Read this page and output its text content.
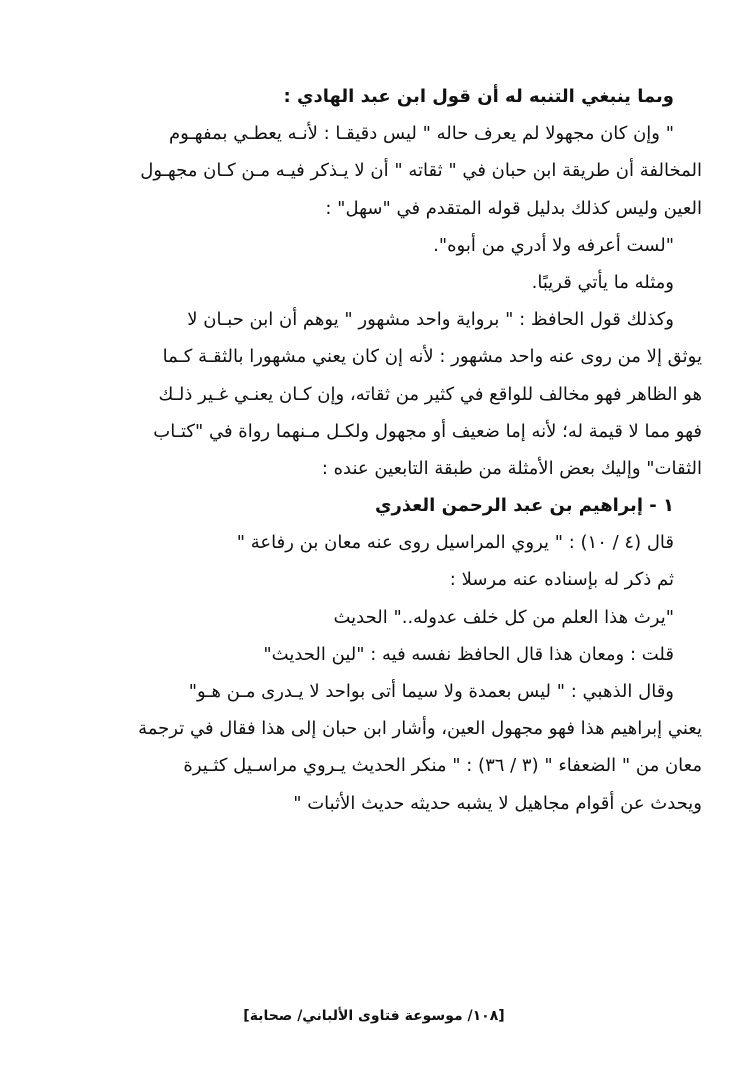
وىما ينبغي التنبه له أن قول ابن عبد الهادي :
" وإن كان مجهولا لم يعرف حاله " ليس دقيقـا : لأنـه يعطـي بمفهـوم
المخالفة أن طريقة ابن حبان في " ثقاته " أن لا يـذكر فيـه مـن كـان مجهـول
العين وليس كذلك بدليل قوله المتقدم في "سهل" :
"لست أعرفه ولا أدري من أبوه".
ومثله ما يأتي قريبًا.
وكذلك قول الحافظ : " برواية واحد مشهور " يوهم أن ابن حبـان لا
يوثق إلا من روى عنه واحد مشهور : لأنه إن كان يعني مشهورا بالثقـة كـما
هو الظاهر فهو مخالف للواقع في كثير من ثقاته، وإن كـان يعنـي غـير ذلـك
فهو مما لا قيمة له؛ لأنه إما ضعيف أو مجهول ولكـل مـنهما رواة في "كتـاب
الثقات" وإليك بعض الأمثلة من طبقة التابعين عنده :
١ - إبراهيم بن عبد الرحمن العذري
قال (٤ / ١٠) : " يروي المراسيل روى عنه معان بن رفاعة "
ثم ذكر له بإسناده عنه مرسلا :
"يرث هذا العلم من كل خلف عدوله.." الحديث
قلت : ومعان هذا قال الحافظ نفسه فيه : "لين الحديث"
وقال الذهبي : " ليس بعمدة ولا سيما أتى بواحد لا يـدرى مـن هـو"
يعني إبراهيم هذا فهو مجهول العين، وأشار ابن حبان إلى هذا فقال في ترجمة
معان من " الضعفاء " (٣ / ٣٦) : " منكر الحديث يـروي مراسـيل كثـيرة
ويحدث عن أقوام مجاهيل لا يشبه حديثه حديث الأثبات "
[١٠٨/ موسوعة فتاوى الألباني/ صحابة]
